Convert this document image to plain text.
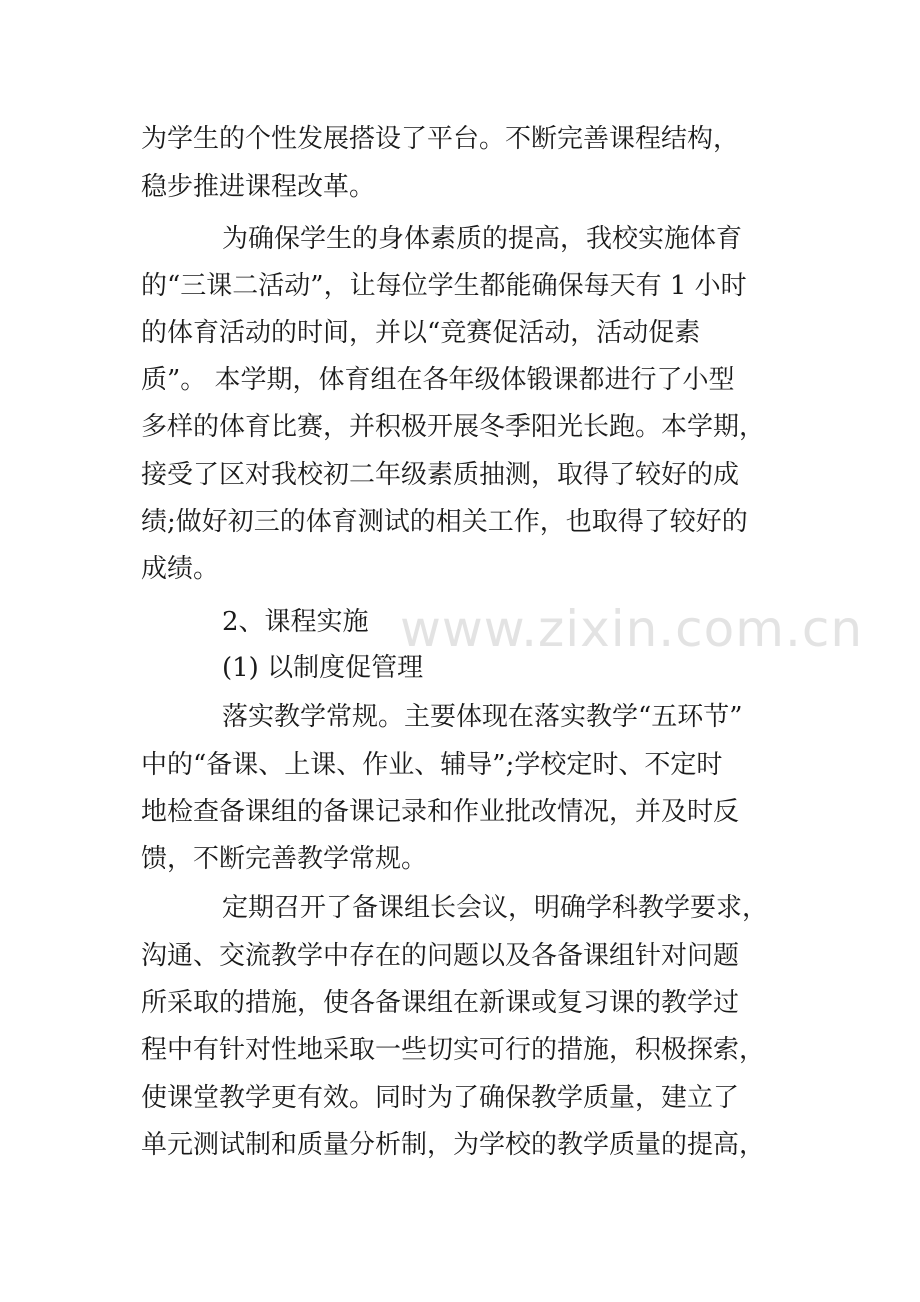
www.zixin.com.cn
为学生的个性发展搭设了平台。不断完善课程结构，
稳步推进课程改革。
为确保学生的身体素质的提高，我校实施体育
的“三课二活动”，让每位学生都能确保每天有 1 小时
的体育活动的时间，并以“竞赛促活动，活动促素
质”。 本学期，体育组在各年级体锻课都进行了小型
多样的体育比赛，并积极开展冬季阳光长跑。本学期，
接受了区对我校初二年级素质抽测，取得了较好的成
绩;做好初三的体育测试的相关工作，也取得了较好的
成绩。
2、课程实施
(1) 以制度促管理
落实教学常规。主要体现在落实教学“五环节”
中的“备课、上课、作业、辅导”;学校定时、不定时
地检查备课组的备课记录和作业批改情况，并及时反
馈，不断完善教学常规。
定期召开了备课组长会议，明确学科教学要求，
沟通、交流教学中存在的问题以及各备课组针对问题
所采取的措施，使各备课组在新课或复习课的教学过
程中有针对性地采取一些切实可行的措施，积极探索，
使课堂教学更有效。同时为了确保教学质量，建立了
单元测试制和质量分析制，为学校的教学质量的提高，
